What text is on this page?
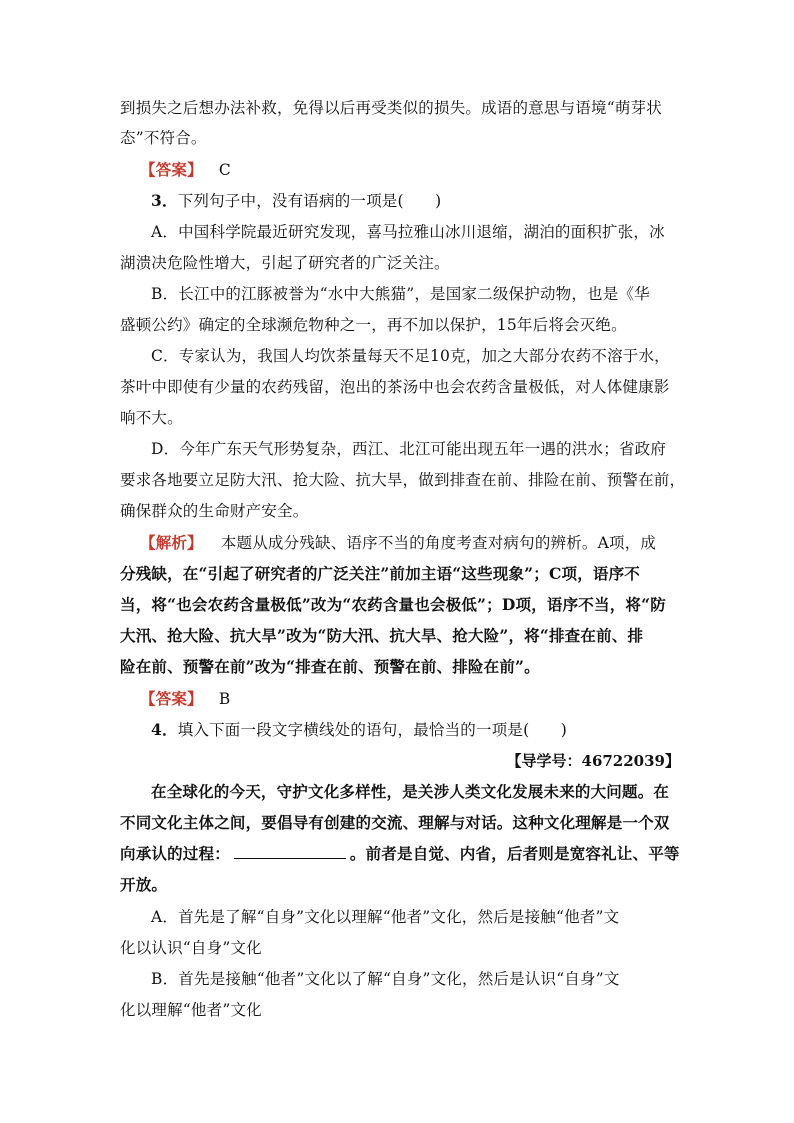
到损失之后想办法补救，免得以后再受类似的损失。成语的意思与语境“萌芽状
态”不符合。
【答案】 C
3．下列句子中，没有语病的一项是(　　)
A．中国科学院最近研究发现，喜马拉雅山冰川退缩，湖泊的面积扩张，冰
湖溃决危险性增大，引起了研究者的广泛关注。
B．长江中的江豚被誉为“水中大熊猫”，是国家二级保护动物，也是《华
盛顿公约》确定的全球濒危物种之一，再不加以保护，15年后将会灭绝。
C．专家认为，我国人均饮茶量每天不足10克，加之大部分农药不溶于水，
茶叶中即使有少量的农药残留，泡出的茶汤中也会农药含量极低，对人体健康影
响不大。
D．今年广东天气形势复杂，西江、北江可能出现五年一遇的洪水；省政府
要求各地要立足防大汛、抢大险、抗大旱，做到排查在前、排险在前、预警在前，
确保群众的生命财产安全。
【解析】 本题从成分残缺、语序不当的角度考查对病句的辨析。A项，成
分残缺，在“引起了研究者的广泛关注”前加主语“这些现象”；C项，语序不
当，将“也会农药含量极低”改为“农药含量也会极低”；D项，语序不当，将“防
大汛、抢大险、抗大旱”改为“防大汛、抗大旱、抢大险”，将“排查在前、排
险在前、预警在前”改为“排查在前、预警在前、排险在前”。
【答案】 B
4．填入下面一段文字横线处的语句，最恰当的一项是(　　)
【导学号：46722039】
在全球化的今天，守护文化多样性，是关涉人类文化发展未来的大问题。在
不同文化主体之间，要倡导有创建的交流、理解与对话。这种文化理解是一个双
向承认的过程：	。前者是自觉、内省，后者则是宽容礼让、平等
开放。
A．首先是了解“自身”文化以理解“他者”文化，然后是接触“他者”文
化以认识“自身”文化
B．首先是接触“他者”文化以了解“自身”文化，然后是认识“自身”文
化以理解“他者”文化
